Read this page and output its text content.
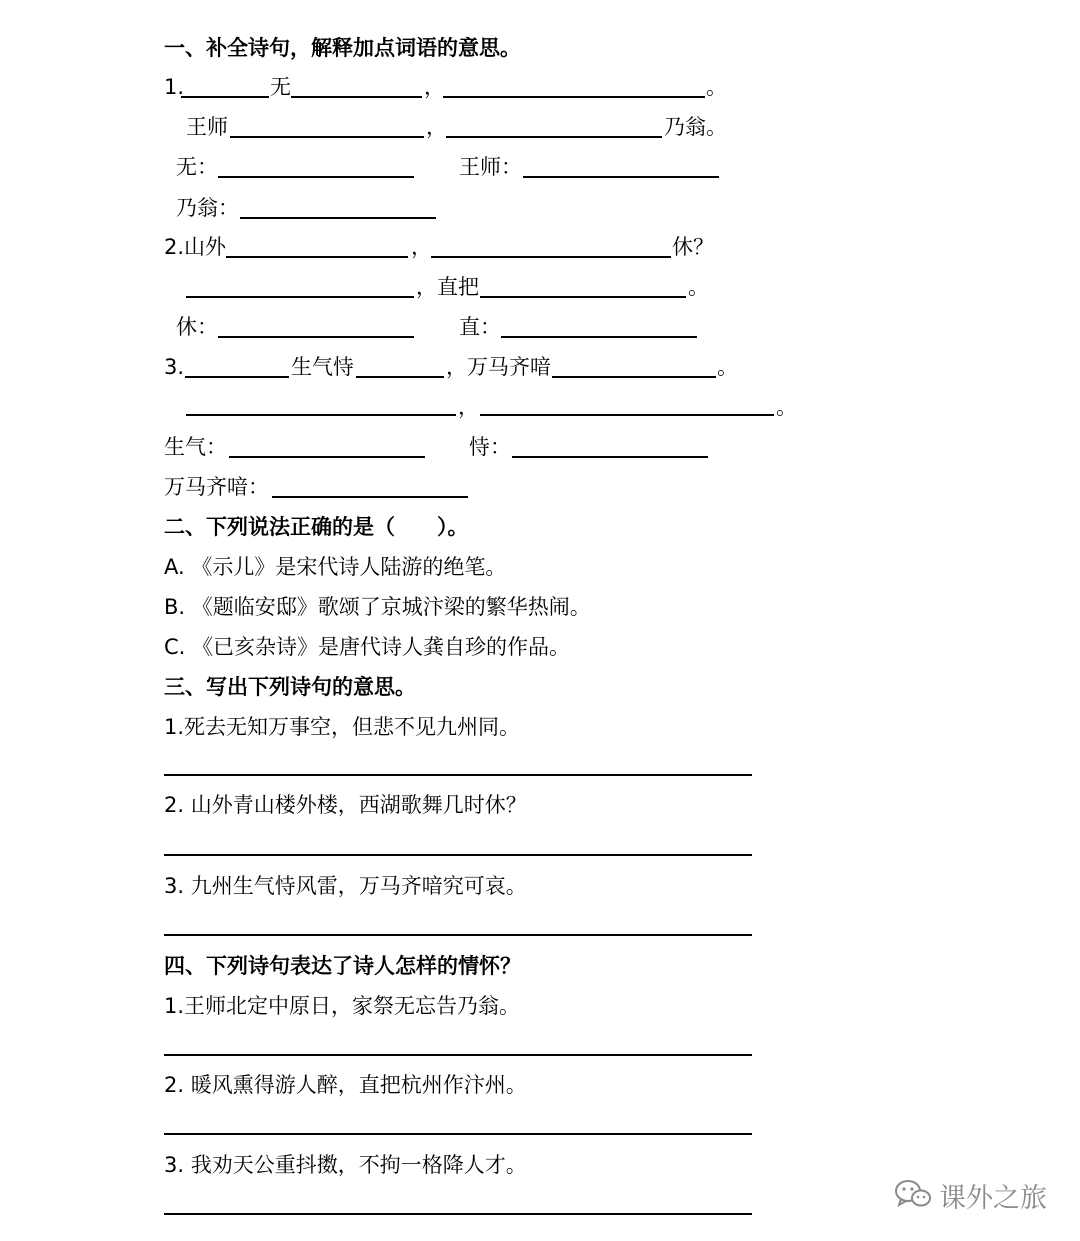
一、补全诗句，解释加点词语的意思。
1.	无	，	。
王师	，	乃翁。
无：	王师：
乃翁：
2.山外	，	休？
，直把	。
休：	直：
3.	生气恃	，万马齐喑	。
，	。
生气：	恃：
万马齐喑：
二、下列说法正确的是（　　）。
A. 《示儿》是宋代诗人陆游的绝笔。
B. 《题临安邸》歌颂了京城汴梁的繁华热闹。
C. 《已亥杂诗》是唐代诗人龚自珍的作品。
三、写出下列诗句的意思。
1.死去无知万事空，但悲不见九州同。
2. 山外青山楼外楼，西湖歌舞几时休？
3. 九州生气恃风雷，万马齐喑究可哀。
四、下列诗句表达了诗人怎样的情怀？
1.王师北定中原日，家祭无忘告乃翁。
2. 暖风熏得游人醉，直把杭州作汴州。
3. 我劝天公重抖擞，不拘一格降人才。
课外之旅
